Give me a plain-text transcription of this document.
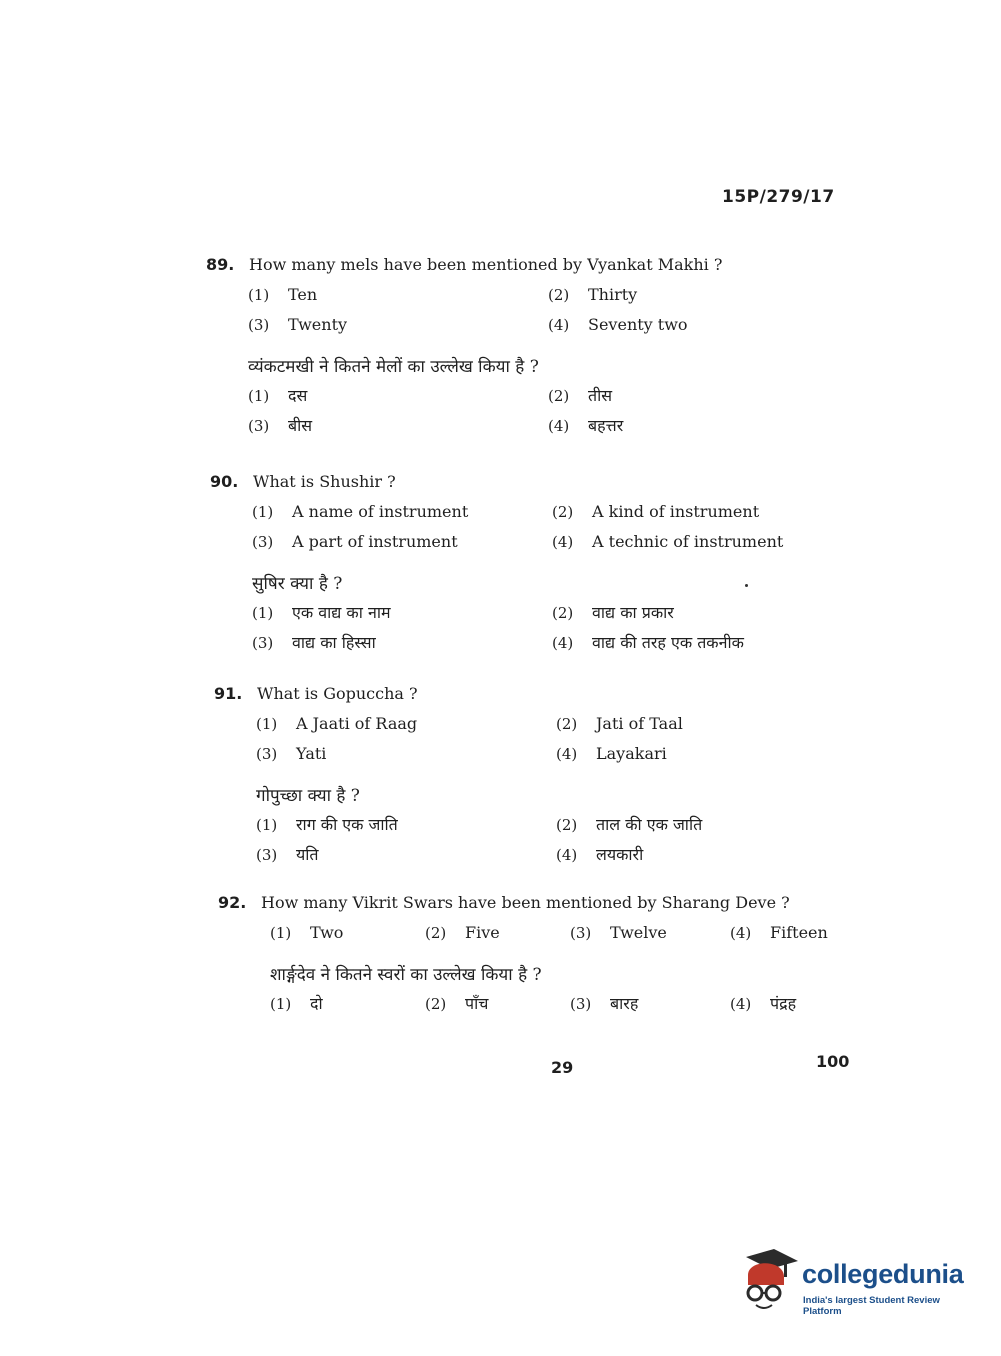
15P/279/17
89. How many mels have been mentioned by Vyankat Makhi ?
(1)	Ten	(2)	Thirty
(3)	Twenty	(4)	Seventy two
व्यंकटमखी ने कितने मेलों का उल्लेख किया है ?
(1)	दस	(2)	तीस
(3)	बीस	(4)	बहत्तर
90. What is Shushir ?
(1)	A name of instrument	(2)	A kind of instrument
(3)	A part of instrument	(4)	A technic of instrument
सुषिर क्या है ?
(1)	एक वाद्य का नाम	(2)	वाद्य का प्रकार
(3)	वाद्य का हिस्सा	(4)	वाद्य की तरह एक तकनीक
91. What is Gopuccha ?
(1)	A Jaati of Raag	(2)	Jati of Taal
(3)	Yati	(4)	Layakari
गोपुच्छा क्या है ?
(1)	राग की एक जाति	(2)	ताल की एक जाति
(3)	यति	(4)	लयकारी
92. How many Vikrit Swars have been mentioned by Sharang Deve ?
(1)	Two	(2)	Five	(3)	Twelve	(4)	Fifteen
शार्ङ्गदेव ने कितने स्वरों का उल्लेख किया है ?
(1)	दो	(2)	पाँच	(3)	बारह	(4)	पंद्रह
29	100
collegedunia
India's largest Student Review Platform
